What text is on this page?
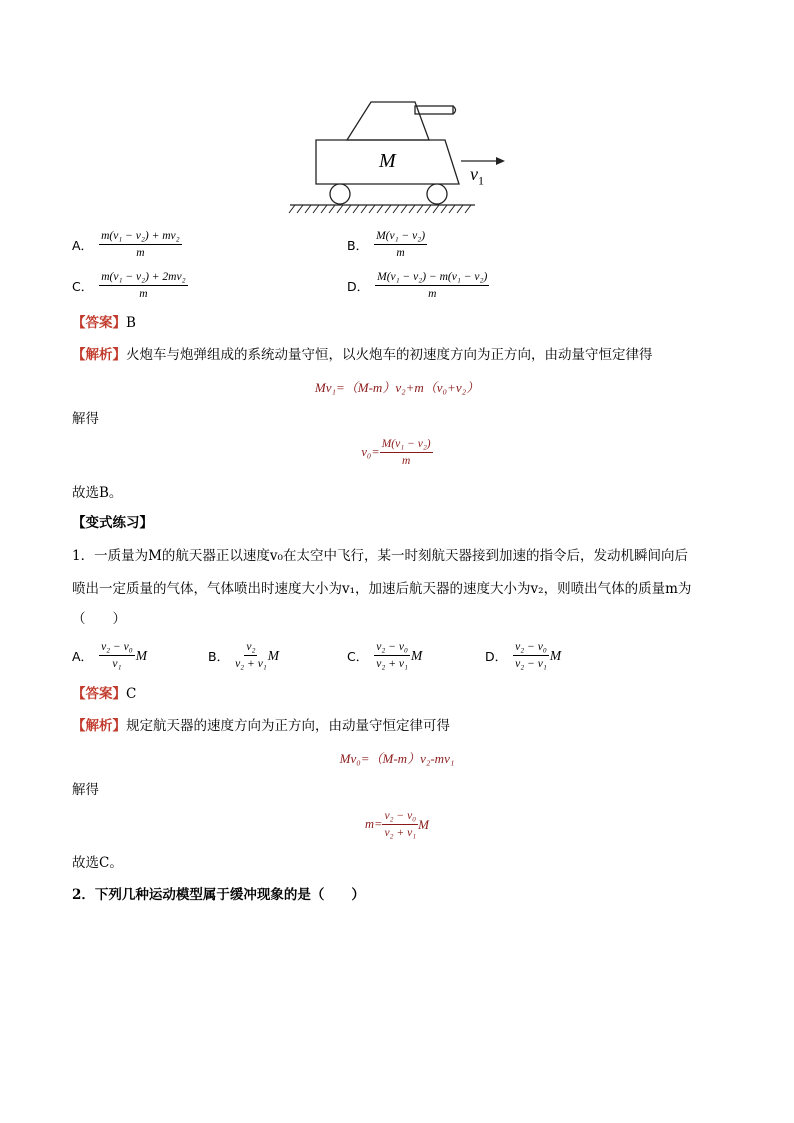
M
$v_1$
A． $\frac{\text{m(v₁ − v₂) + mv₂}}{m}$	B． $\frac{\text{M(v₁ − v₂)}}{m}$
C． $\frac{\text{m(v₁ − v₂) + 2mv₂}}{m}$	D． $\frac{\text{M(v₁ − v₂) − m(v₁ − v₂)}}{m}$
【答案】B
【解析】火炮车与炮弹组成的系统动量守恒，以火炮车的初速度方向为正方向，由动量守恒定律得
Mv₁=（M-m）v₂+m（v₀+v₂）
解得
$v_0= \frac{\text{M(v₁ − v₂)}}{m}$
故选B。
【变式练习】
1．一质量为M的航天器正以速度v₀在太空中飞行，某一时刻航天器接到加速的指令后，发动机瞬间向后
喷出一定质量的气体，气体喷出时速度大小为v₁，加速后航天器的速度大小为v₂，则喷出气体的质量m为
（　　）
A． $\frac{\text{v₂ − v₀}}{\text{v₁}}$ M	B． $\frac{\text{v₂}}{\text{v₂ + v₁}}$ M	C． $\frac{\text{v₂ − v₀}}{\text{v₂ + v₁}}$ M	D． $\frac{\text{v₂ − v₀}}{\text{v₂ − v₁}}$ M
【答案】C
【解析】规定航天器的速度方向为正方向，由动量守恒定律可得
Mv₀=（M-m）v₂-mv₁
解得
$m= \frac{\text{v₂ − v₀}}{\text{v₂ + v₁}}$ M
故选C。
2．下列几种运动模型属于缓冲现象的是（　　）
